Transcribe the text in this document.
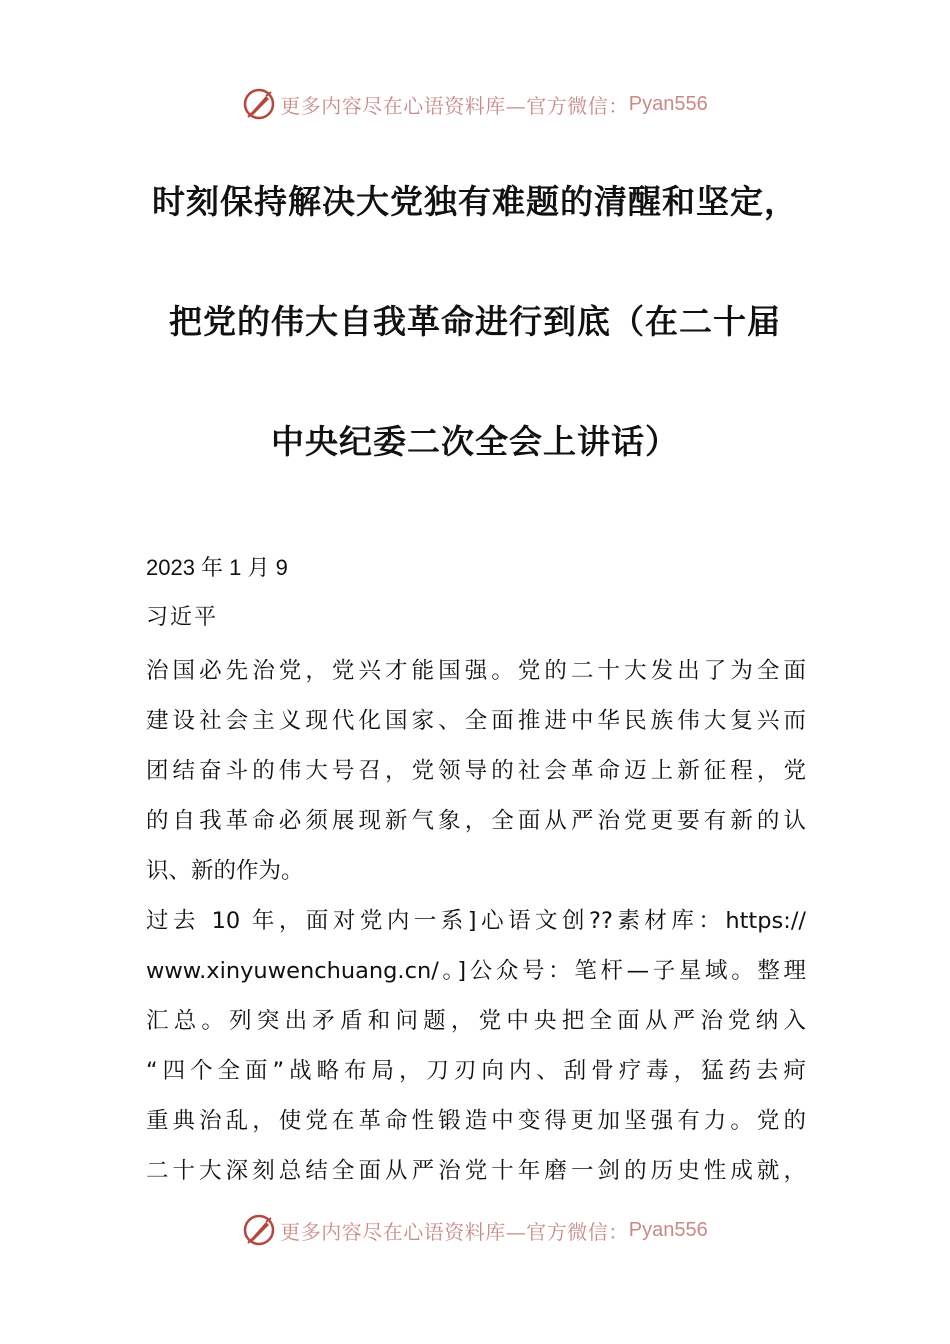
更多内容尽在心语资料库—官方微信： Pyan556
时刻保持解决大党独有难题的清醒和坚定，
把党的伟大自我革命进行到底（在二十届
中央纪委二次全会上讲话）
2023 年 1 月 9
习近平
治国必先治党，党兴才能国强。党的二十大发出了为全面
建设社会主义现代化国家、全面推进中华民族伟大复兴而
团结奋斗的伟大号召，党领导的社会革命迈上新征程，党
的自我革命必须展现新气象，全面从严治党更要有新的认
识、新的作为。
过去 10 年，面对党内一系]心语文创??素材库：https://
www.xinyuwenchuang.cn/。]公众号：笔杆—子星域。整理
汇总。列突出矛盾和问题，党中央把全面从严治党纳入
“四个全面”战略布局，刀刃向内、刮骨疗毒，猛药去疴
重典治乱，使党在革命性锻造中变得更加坚强有力。党的
二十大深刻总结全面从严治党十年磨一剑的历史性成就，
更多内容尽在心语资料库—官方微信： Pyan556
